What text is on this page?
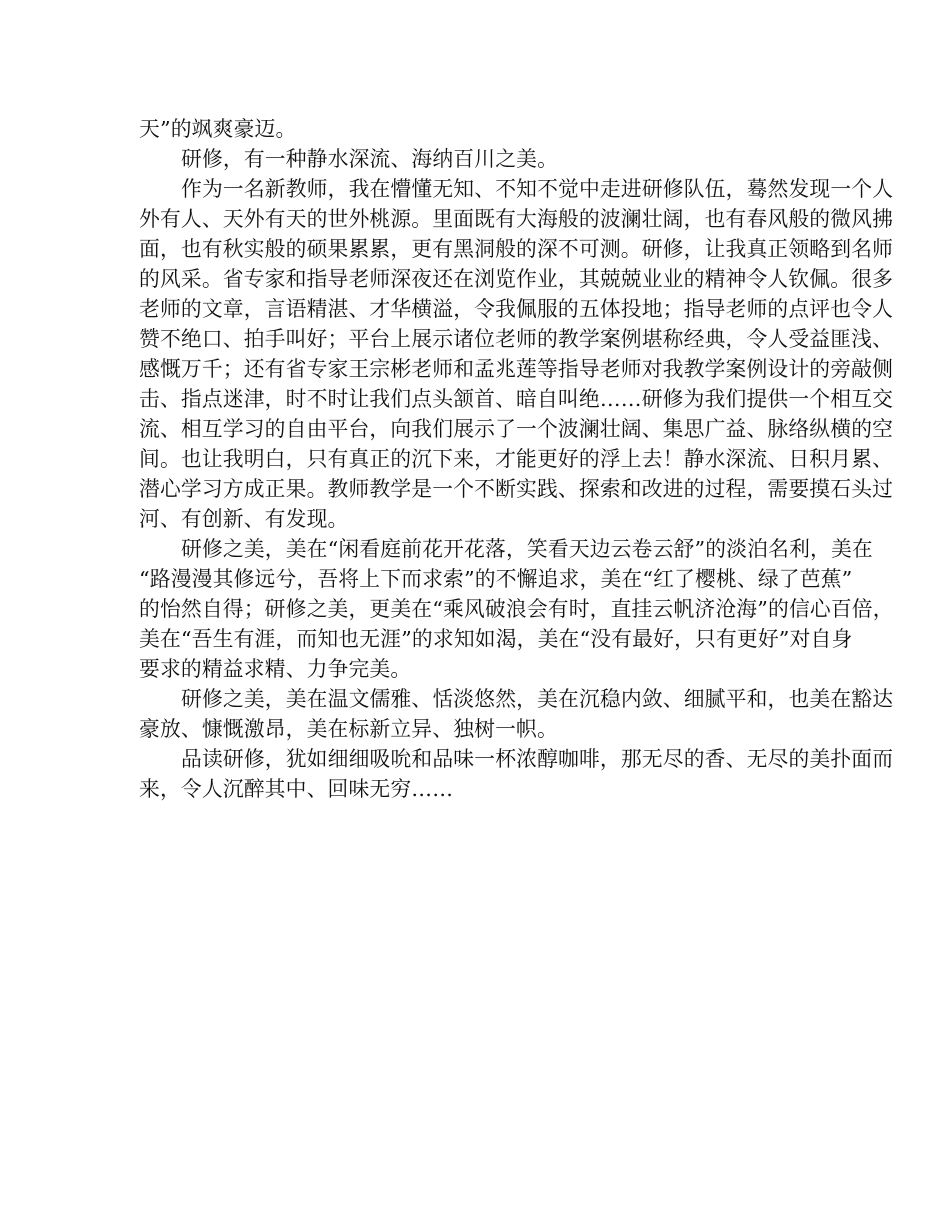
天”的飒爽豪迈。
研修，有一种静水深流、海纳百川之美。
作为一名新教师，我在懵懂无知、不知不觉中走进研修队伍，蓦然发现一个人
外有人、天外有天的世外桃源。里面既有大海般的波澜壮阔，也有春风般的微风拂
面，也有秋实般的硕果累累，更有黑洞般的深不可测。研修，让我真正领略到名师
的风采。省专家和指导老师深夜还在浏览作业，其兢兢业业的精神令人钦佩。很多
老师的文章，言语精湛、才华横溢，令我佩服的五体投地；指导老师的点评也令人
赞不绝口、拍手叫好；平台上展示诸位老师的教学案例堪称经典，令人受益匪浅、
感慨万千；还有省专家王宗彬老师和孟兆莲等指导老师对我教学案例设计的旁敲侧
击、指点迷津，时不时让我们点头颔首、暗自叫绝……研修为我们提供一个相互交
流、相互学习的自由平台，向我们展示了一个波澜壮阔、集思广益、脉络纵横的空
间。也让我明白，只有真正的沉下来，才能更好的浮上去！静水深流、日积月累、
潜心学习方成正果。教师教学是一个不断实践、探索和改进的过程，需要摸石头过
河、有创新、有发现。
研修之美，美在“闲看庭前花开花落，笑看天边云卷云舒”的淡泊名利，美在
“路漫漫其修远兮，吾将上下而求索”的不懈追求，美在“红了樱桃、绿了芭蕉”
的怡然自得；研修之美，更美在“乘风破浪会有时，直挂云帆济沧海”的信心百倍，
美在“吾生有涯，而知也无涯”的求知如渴，美在“没有最好，只有更好”对自身
要求的精益求精、力争完美。
研修之美，美在温文儒雅、恬淡悠然，美在沉稳内敛、细腻平和，也美在豁达
豪放、慷慨激昂，美在标新立异、独树一帜。
品读研修，犹如细细吸吮和品味一杯浓醇咖啡，那无尽的香、无尽的美扑面而
来，令人沉醉其中、回味无穷……
